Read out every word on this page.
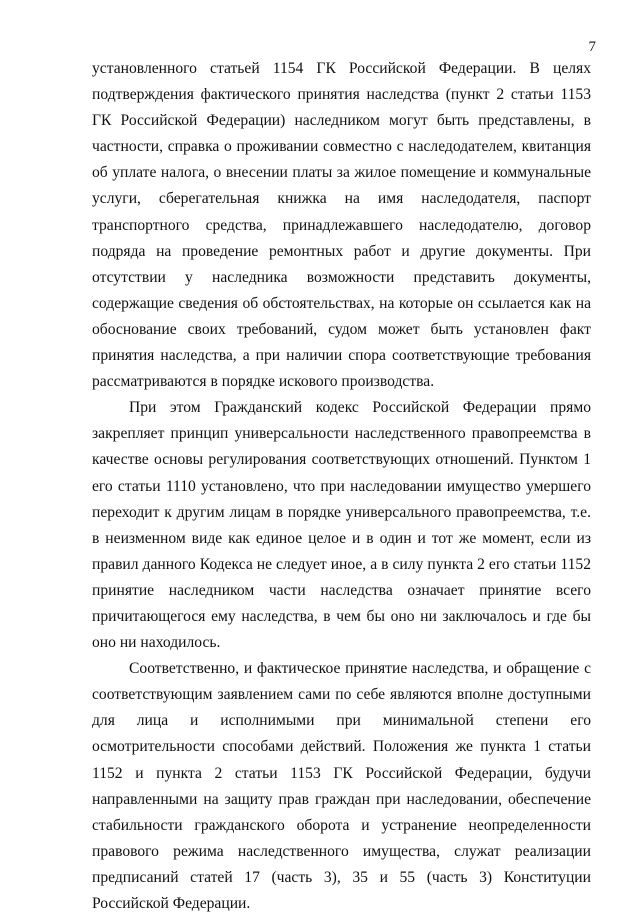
7

установленного статьей 1154 ГК Российской Федерации. В целях подтверждения фактического принятия наследства (пункт 2 статьи 1153 ГК Российской Федерации) наследником могут быть представлены, в частности, справка о проживании совместно с наследодателем, квитанция об уплате налога, о внесении платы за жилое помещение и коммунальные услуги, сберегательная книжка на имя наследодателя, паспорт транспортного средства, принадлежавшего наследодателю, договор подряда на проведение ремонтных работ и другие документы. При отсутствии у наследника возможности представить документы, содержащие сведения об обстоятельствах, на которые он ссылается как на обоснование своих требований, судом может быть установлен факт принятия наследства, а при наличии спора соответствующие требования рассматриваются в порядке искового производства.

При этом Гражданский кодекс Российской Федерации прямо закрепляет принцип универсальности наследственного правопреемства в качестве основы регулирования соответствующих отношений. Пунктом 1 его статьи 1110 установлено, что при наследовании имущество умершего переходит к другим лицам в порядке универсального правопреемства, т.е. в неизменном виде как единое целое и в один и тот же момент, если из правил данного Кодекса не следует иное, а в силу пункта 2 его статьи 1152 принятие наследником части наследства означает принятие всего причитающегося ему наследства, в чем бы оно ни заключалось и где бы оно ни находилось.

Соответственно, и фактическое принятие наследства, и обращение с соответствующим заявлением сами по себе являются вполне доступными для лица и исполнимыми при минимальной степени его осмотрительности способами действий. Положения же пункта 1 статьи 1152 и пункта 2 статьи 1153 ГК Российской Федерации, будучи направленными на защиту прав граждан при наследовании, обеспечение стабильности гражданского оборота и устранение неопределенности правового режима наследственного имущества, служат реализации предписаний статей 17 (часть 3), 35 и 55 (часть 3) Конституции Российской Федерации.
